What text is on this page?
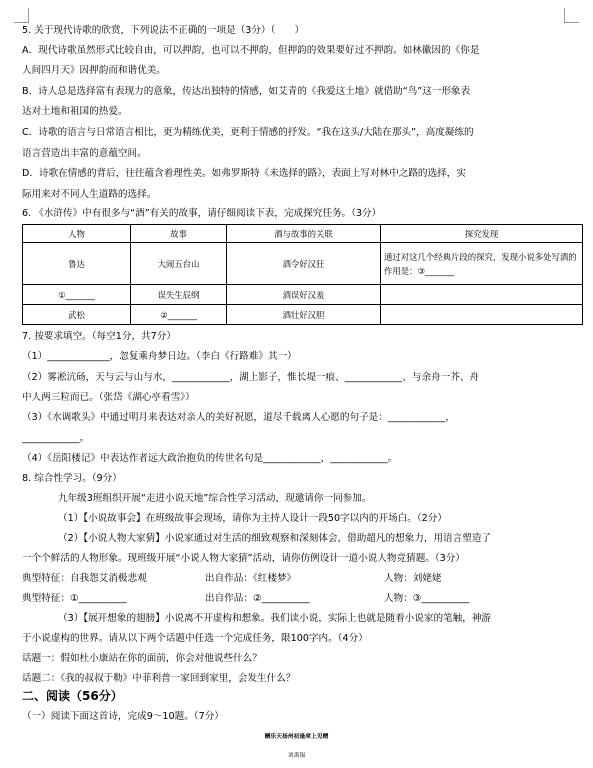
5. 关于现代诗歌的欣赏，下列说法不正确的一项是（3分）（　　）
A．现代诗歌虽然形式比较自由，可以押韵，也可以不押韵，但押韵的效果要好过不押韵。如林徽因的《你是
人间四月天》因押韵而和谐优美。
B．诗人总是选择富有表现力的意象，传达出独特的情感，如艾青的《我爱这土地》就借助“鸟”这一形象表
达对土地和祖国的热爱。
C．诗歌的语言与日常语言相比，更为精练优美，更利于情感的抒发。“我在这头/大陆在那头”，高度凝练的
语言营造出丰富的意蕴空间。
D．诗歌在情感的背后，往往蕴含着理性美。如弗罗斯特《未选择的路》，表面上写对林中之路的选择，实
际用来对不同人生道路的选择。
6. 《水浒传》中有很多与“酒”有关的故事，请仔细阅读下表，完成探究任务。（3分）
人物	故事	酒与故事的关联	探究发现
鲁达	大闹五台山	酒令好汉狂	通过对这几个经典片段的探究，发现小说多处写酒的作用是：③_______
①_______	误失生辰纲	酒误好汉羞	
武松	②_______	酒壮好汉胆	
7. 按要求填空。（每空1分，共7分）
（1）_____________，忽复乘舟梦日边。（李白《行路难》其一）
（2）雾凇沆砀，天与云与山与水，____________，湖上影子，惟长堤一痕、____________、与余舟一芥、舟
中人两三粒而已。（张岱《湖心亭看雪》）
（3）《水调歌头》中通过明月来表达对亲人的美好祝愿，道尽千载离人心愿的句子是：____________，
____________。
（4）《岳阳楼记》中表达作者远大政治抱负的传世名句是____________，____________。
8. 综合性学习。（9分）
九年级3班组织开展“走进小说天地”综合性学习活动，现邀请你一同参加。
（1）【小说故事会】在班级故事会现场，请你为主持人设计一段50字以内的开场白。（2分）
（2）【小说人物大家猜】小说家通过对生活的细致观察和深刻体会，借助超凡的想象力，用语言塑造了
一个个鲜活的人物形象。现班级开展“小说人物大家猜”活动，请你仿例设计一道小说人物竞猜题。（3分）
典型特征：自我怨艾消极悲观	出自作品：《红楼梦》	人物：刘姥姥
典型特征：①__________	出自作品：②__________	人物：③__________
（3）【展开想象的翅膀】小说离不开虚构和想象。我们读小说，实际上也就是随着小说家的笔触，神游
于小说虚构的世界。请从以下两个话题中任选一个完成任务，限100字内。（4分）
话题一：假如杜小康站在你的面前，你会对他说些什么？
话题二：《我的叔叔于勒》中菲利普一家回到家里，会发生什么？
二、阅读（56分）
（一）阅读下面这首诗，完成9～10题。（7分）
酬乐天扬州初逢席上见赠
刘禹锡
